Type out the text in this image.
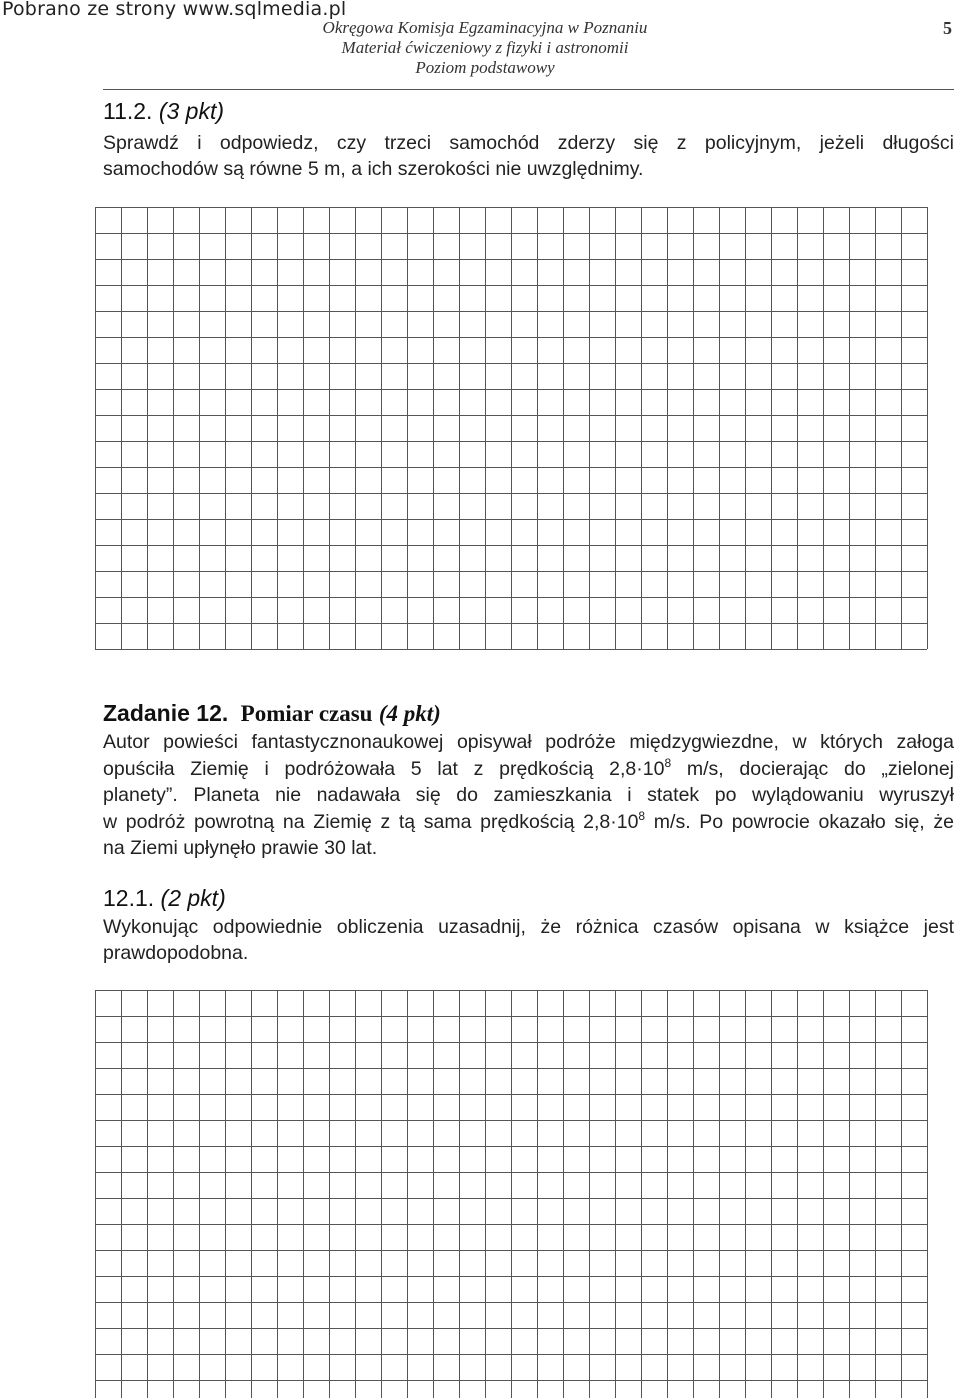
Pobrano ze strony www.sqlmedia.pl
Okręgowa Komisja Egzaminacyjna w Poznaniu
Materiał ćwiczeniowy z fizyki i astronomii
Poziom podstawowy
5
11.2. (3 pkt)
Sprawdź i odpowiedz, czy trzeci samochód zderzy się z policyjnym, jeżeli długości
samochodów są równe 5 m, a ich szerokości nie uwzględnimy.
Zadanie 12. Pomiar czasu (4 pkt)
Autor powieści fantastycznonaukowej opisywał podróże międzygwiezdne, w których załoga
opuściła Ziemię i podróżowała 5 lat z prędkością $2,8\cdot 10^8$ m/s, docierając do „zielonej
planety”. Planeta nie nadawała się do zamieszkania i statek po wylądowaniu wyruszył
w podróż powrotną na Ziemię z tą sama prędkością $2,8\cdot 10^8$ m/s. Po powrocie okazało się, że
na Ziemi upłynęło prawie 30 lat.
12.1. (2 pkt)
Wykonując odpowiednie obliczenia uzasadnij, że różnica czasów opisana w książce jest
prawdopodobna.
